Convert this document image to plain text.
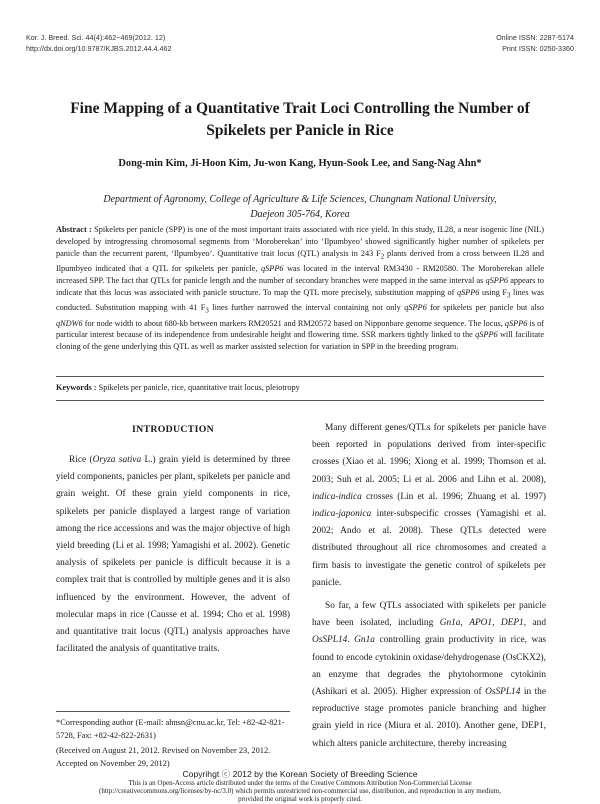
Kor. J. Breed. Sci. 44(4):462~469(2012. 12)
http://dx.doi.org/10.9787/KJBS.2012.44.4.462
Online ISSN: 2287-5174
Print ISSN: 0250-3360
Fine Mapping of a Quantitative Trait Loci Controlling the Number of Spikelets per Panicle in Rice
Dong-min Kim, Ji-Hoon Kim, Ju-won Kang, Hyun-Sook Lee, and Sang-Nag Ahn*
Department of Agronomy, College of Agriculture & Life Sciences, Chungnam National University,
Daejeon 305-764, Korea
Abstract : Spikelets per panicle (SPP) is one of the most important traits associated with rice yield. In this study, IL28, a near isogenic line (NIL) developed by introgressing chromosomal segments from ‘Moroberekan’ into ‘Ilpumbyeo’ showed significantly higher number of spikelets per panicle than the recurrent parent, ‘Ilpumbyeo’. Quantitative trait locus (QTL) analysis in 243 $F_2$ plants derived from a cross between IL28 and Ilpumbyeo indicated that a QTL for spikelets per panicle, qSPP6 was located in the interval RM3430 - RM20580. The Moroberekan allele increased SPP. The fact that QTLs for panicle length and the number of secondary branches were mapped in the same interval as qSPP6 appears to indicate that this locus was associated with panicle structure. To map the QTL more precisely, substitution mapping of qSPP6 using $F_3$ lines was conducted. Substitution mapping with 41 $F_3$ lines further narrowed the interval containing not only qSPP6 for spikelets per panicle but also qNDW6 for node width to about 680-kb between markers RM20521 and RM20572 based on Nipponbare genome sequence. The locus, qSPP6 is of particular interest because of its independence from undesirable height and flowering time. SSR markers tightly linked to the qSPP6 will facilitate cloning of the gene underlying this QTL as well as marker assisted selection for variation in SPP in the breeding program.
Keywords : Spikelets per panicle, rice, quantitative trait locus, pleiotropy
INTRODUCTION

Rice (Oryza sativa L.) grain yield is determined by three yield components, panicles per plant, spikelets per panicle and grain weight. Of these grain yield components in rice, spikelets per panicle displayed a largest range of variation among the rice accessions and was the major objective of high yield breeding (Li et al. 1998; Yamagishi et al. 2002). Genetic analysis of spikelets per panicle is difficult because it is a complex trait that is controlled by multiple genes and it is also influenced by the environment. However, the advent of molecular maps in rice (Causse et al. 1994; Cho et al. 1998) and quantitative trait locus (QTL) analysis approaches have facilitated the analysis of quantitative traits.

*Corresponding author (E-mail: ahnsn@cnu.ac.kr, Tel: +82-42-821-5728, Fax: +82-42-822-2631)
(Received on August 21, 2012. Revised on November 23, 2012. Accepted on November 29, 2012)

Many different genes/QTLs for spikelets per panicle have been reported in populations derived from inter-specific crosses (Xiao et al. 1996; Xiong et al. 1999; Thomson et al. 2003; Suh et al. 2005; Li et al. 2006 and Lihn et al. 2008), indica-indica crosses (Lin et al. 1996; Zhuang et al. 1997) indica-japonica inter-subspecific crosses (Yamagishi et al. 2002; Ando et al. 2008). These QTLs detected were distributed throughout all rice chromosomes and created a firm basis to investigate the genetic control of spikelets per panicle.

So far, a few QTLs associated with spikelets per panicle have been isolated, including Gn1a, APO1, DEP1, and OsSPL14. Gn1a controlling grain productivity in rice, was found to encode cytokinin oxidase/dehydrogenase (OsCKX2), an enzyme that degrades the phytohormone cytokinin (Ashikari et al. 2005). Higher expression of OsSPL14 in the reproductive stage promotes panicle branching and higher grain yield in rice (Miura et al. 2010). Another gene, DEP1, which alters panicle architecture, thereby increasing

Copyrihgt ⓒ 2012 by the Korean Society of Breeding Science
This is an Open-Access article distributed under the terms of the Creative Commons Attribution Non-Commercial License
(http://creativecommons.org/licenses/by-nc/3.0) which permits unrestricted non-commercial use, distribution, and reproduction in any medium,
provided the original work is properly cited.
